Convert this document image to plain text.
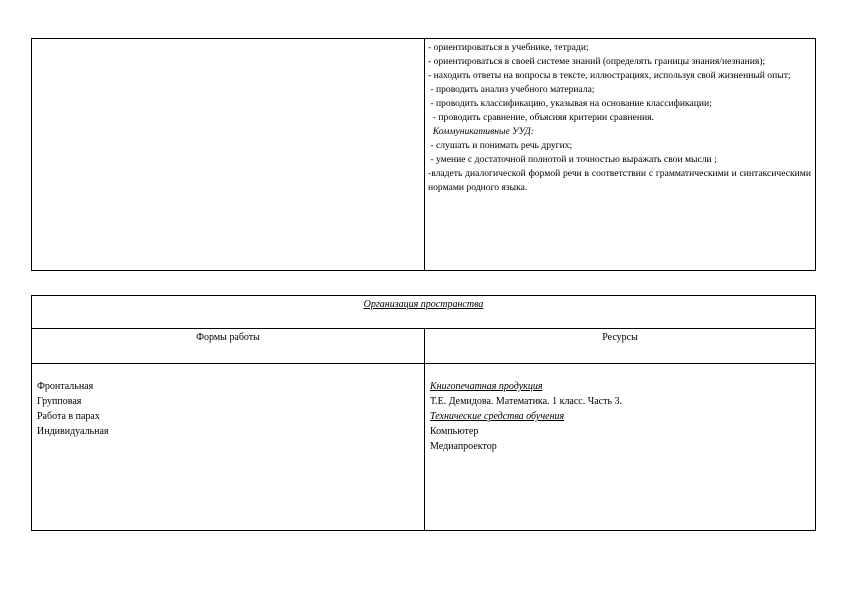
- ориентироваться в учебнике, тетради;
- ориентироваться в своей системе знаний (определять границы знания/незнания);
- находить ответы на вопросы в тексте, иллюстрациях, используя свой жизненный опыт;
- проводить анализ учебного материала;
- проводить классификацию, указывая на основание классификации;
- проводить сравнение, объясняя критерии сравнения.
Коммуникативные УУД:
- слушать и понимать речь других;
- умение с достаточной полнотой и точностью выражать свои мысли ;
-владеть диалогической формой речи в соответствии с грамматическими и синтаксическими нормами родного языка.
Организация пространства
Формы работы	Ресурсы
Фронтальная
Групповая
Работа в парах
Индивидуальная
Книгопечатная продукция
Т.Е. Демидова. Математика. 1 класс. Часть 3.
Технические средства обучения
Компьютер
Медиапроектор
